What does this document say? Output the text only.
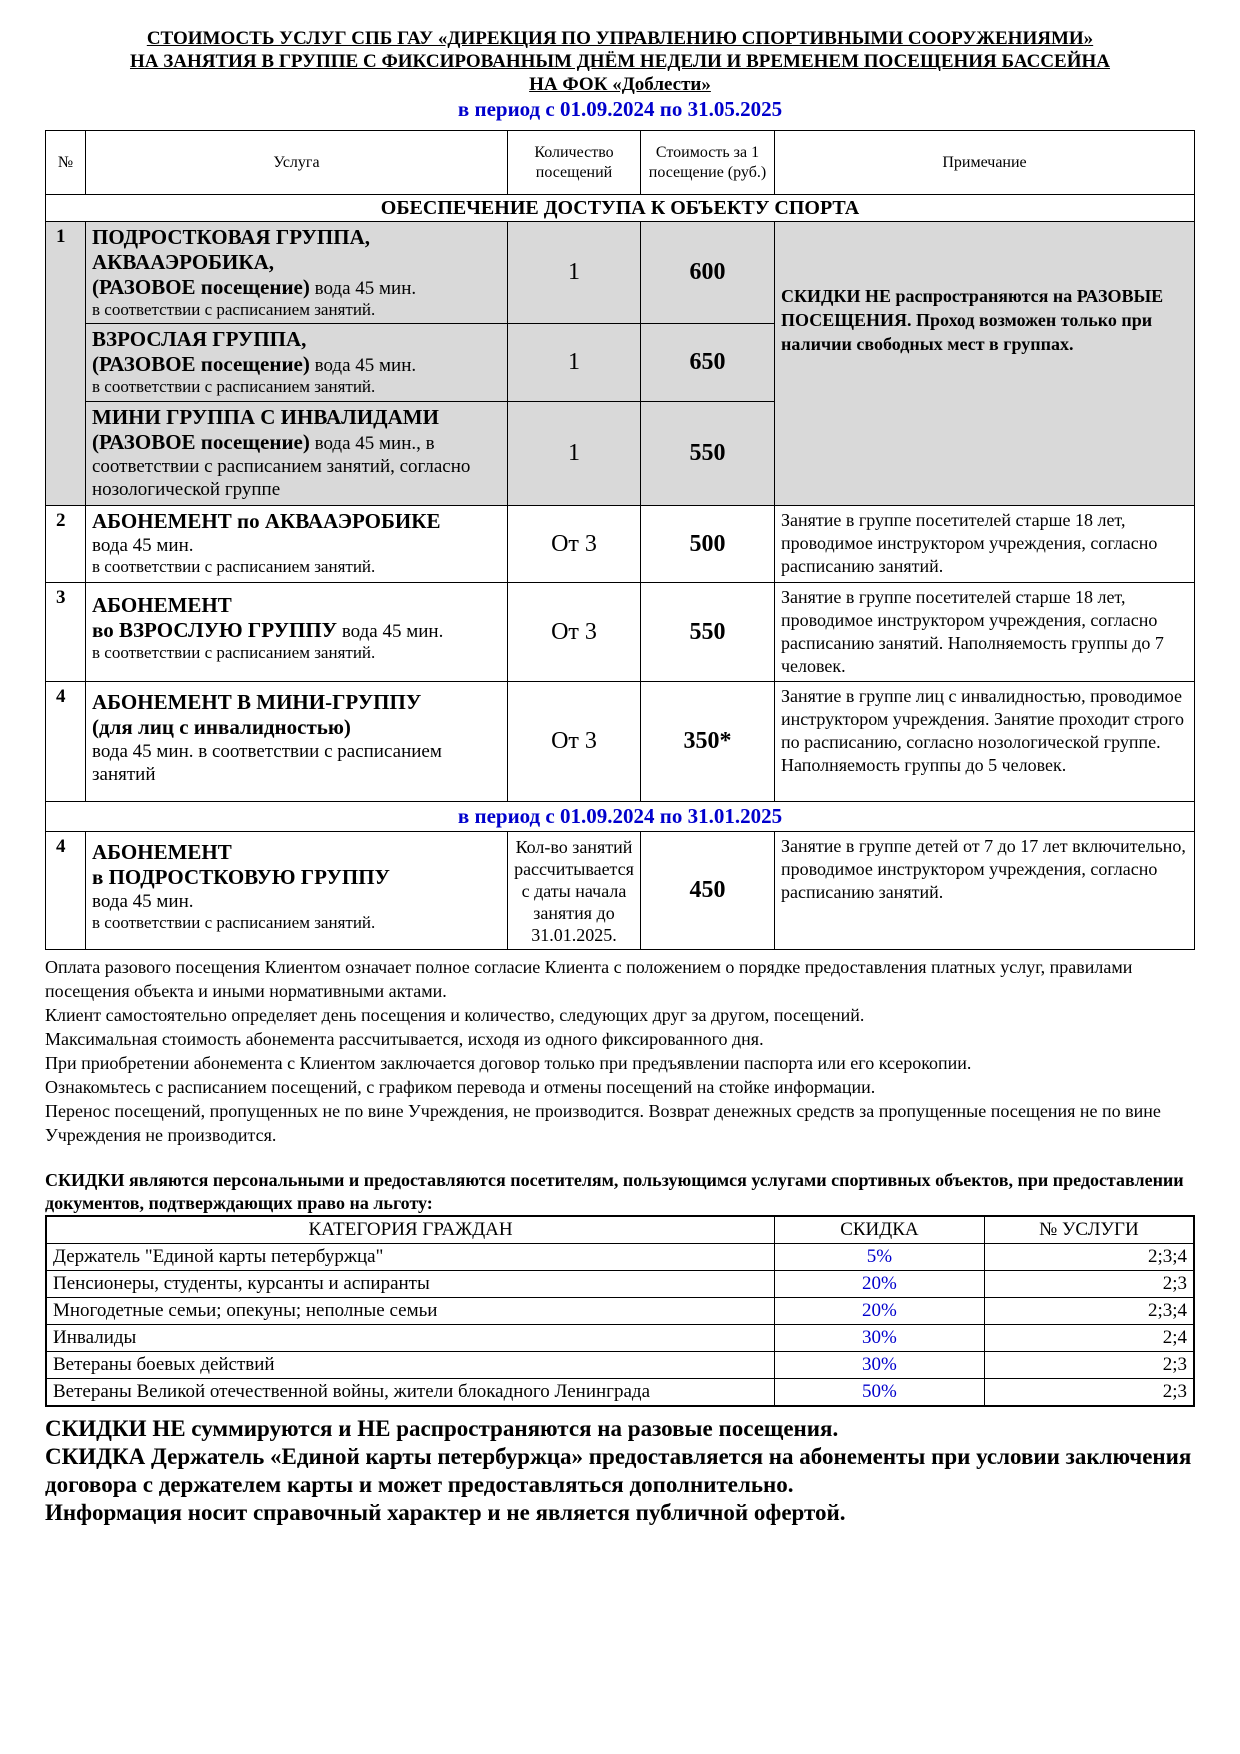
СТОИМОСТЬ УСЛУГ СПБ ГАУ «ДИРЕКЦИЯ ПО УПРАВЛЕНИЮ СПОРТИВНЫМИ СООРУЖЕНИЯМИ»
НА ЗАНЯТИЯ В ГРУППЕ С ФИКСИРОВАННЫМ ДНЁМ НЕДЕЛИ И ВРЕМЕНЕМ ПОСЕЩЕНИЯ БАССЕЙНА
НА ФОК «Доблести»
в период с 01.09.2024 по 31.05.2025
№	Услуга	Количество посещений	Стоимость за 1 посещение (руб.)	Примечание
ОБЕСПЕЧЕНИЕ ДОСТУПА К ОБЪЕКТУ СПОРТА				
1	ПОДРОСТКОВАЯ ГРУППА,
АКВААЭРОБИКА,
(РАЗОВОЕ посещение) вода 45 мин.
в соответствии с расписанием занятий.	1	600	СКИДКИ НЕ распространяются на РАЗОВЫЕ ПОСЕЩЕНИЯ. Проход возможен только при наличии свободных мест в группах.

	ВЗРОСЛАЯ ГРУППА,
(РАЗОВОЕ посещение) вода 45 мин.
в соответствии с расписанием занятий.	1	650	

	МИНИ ГРУППА С ИНВАЛИДАМИ
(РАЗОВОЕ посещение) вода 45 мин., в соответствии с расписанием занятий, согласно нозологической группе	1	550	
2	АБОНЕМЕНТ по АКВААЭРОБИКЕ
вода 45 мин.
в соответствии с расписанием занятий.	От 3	500	Занятие в группе посетителей старше 18 лет, проводимое инструктором учреждения, согласно расписанию занятий.
3	АБОНЕМЕНТ
во ВЗРОСЛУЮ ГРУППУ вода 45 мин.
в соответствии с расписанием занятий.	От 3	550	Занятие в группе посетителей старше 18 лет, проводимое инструктором учреждения, согласно расписанию занятий. Наполняемость группы до 7 человек.
4	АБОНЕМЕНТ В МИНИ-ГРУППУ
(для лиц с инвалидностью)
вода 45 мин. в соответствии с расписанием занятий	От 3	350*	Занятие в группе лиц с инвалидностью, проводимое инструктором учреждения. Занятие проходит строго по расписанию, согласно нозологической группе. Наполняемость группы до 5 человек.
в период с 01.09.2024 по 31.01.2025				
4	АБОНЕМЕНТ
в ПОДРОСТКОВУЮ ГРУППУ
вода 45 мин.
в соответствии с расписанием занятий.	Кол-во занятий рассчитывается с даты начала занятия до 31.01.2025.	450	Занятие в группе детей от 7 до 17 лет включительно, проводимое инструктором учреждения, согласно расписанию занятий.

Оплата разового посещения Клиентом означает полное согласие Клиента с положением о порядке предоставления платных услуг, правилами посещения объекта и иными нормативными актами.

Клиент самостоятельно определяет день посещения и количество, следующих друг за другом, посещений.

Максимальная стоимость абонемента рассчитывается, исходя из одного фиксированного дня.

При приобретении абонемента с Клиентом заключается договор только при предъявлении паспорта или его ксерокопии.

Ознакомьтесь с расписанием посещений, с графиком перевода и отмены посещений на стойке информации.

Перенос посещений, пропущенных не по вине Учреждения, не производится. Возврат денежных средств за пропущенные посещения не по вине Учреждения не производится.

СКИДКИ являются персональными и предоставляются посетителям, пользующимся услугами спортивных объектов, при предоставлении документов, подтверждающих право на льготу:
КАТЕГОРИЯ ГРАЖДАН	СКИДКА	№ УСЛУГИ
Держатель "Единой карты петербуржца"	5%	2;3;4
Пенсионеры, студенты, курсанты и аспиранты	20%	2;3
Многодетные семьи; опекуны; неполные семьи	20%	2;3;4
Инвалиды	30%	2;4
Ветераны боевых действий	30%	2;3
Ветераны Великой отечественной войны, жители блокадного Ленинграда	50%	2;3

СКИДКИ НЕ суммируются и НЕ распространяются на разовые посещения.

СКИДКА Держатель «Единой карты петербуржца» предоставляется на абонементы при условии заключения договора с держателем карты и может предоставляться дополнительно.

Информация носит справочный характер и не является публичной офертой.
